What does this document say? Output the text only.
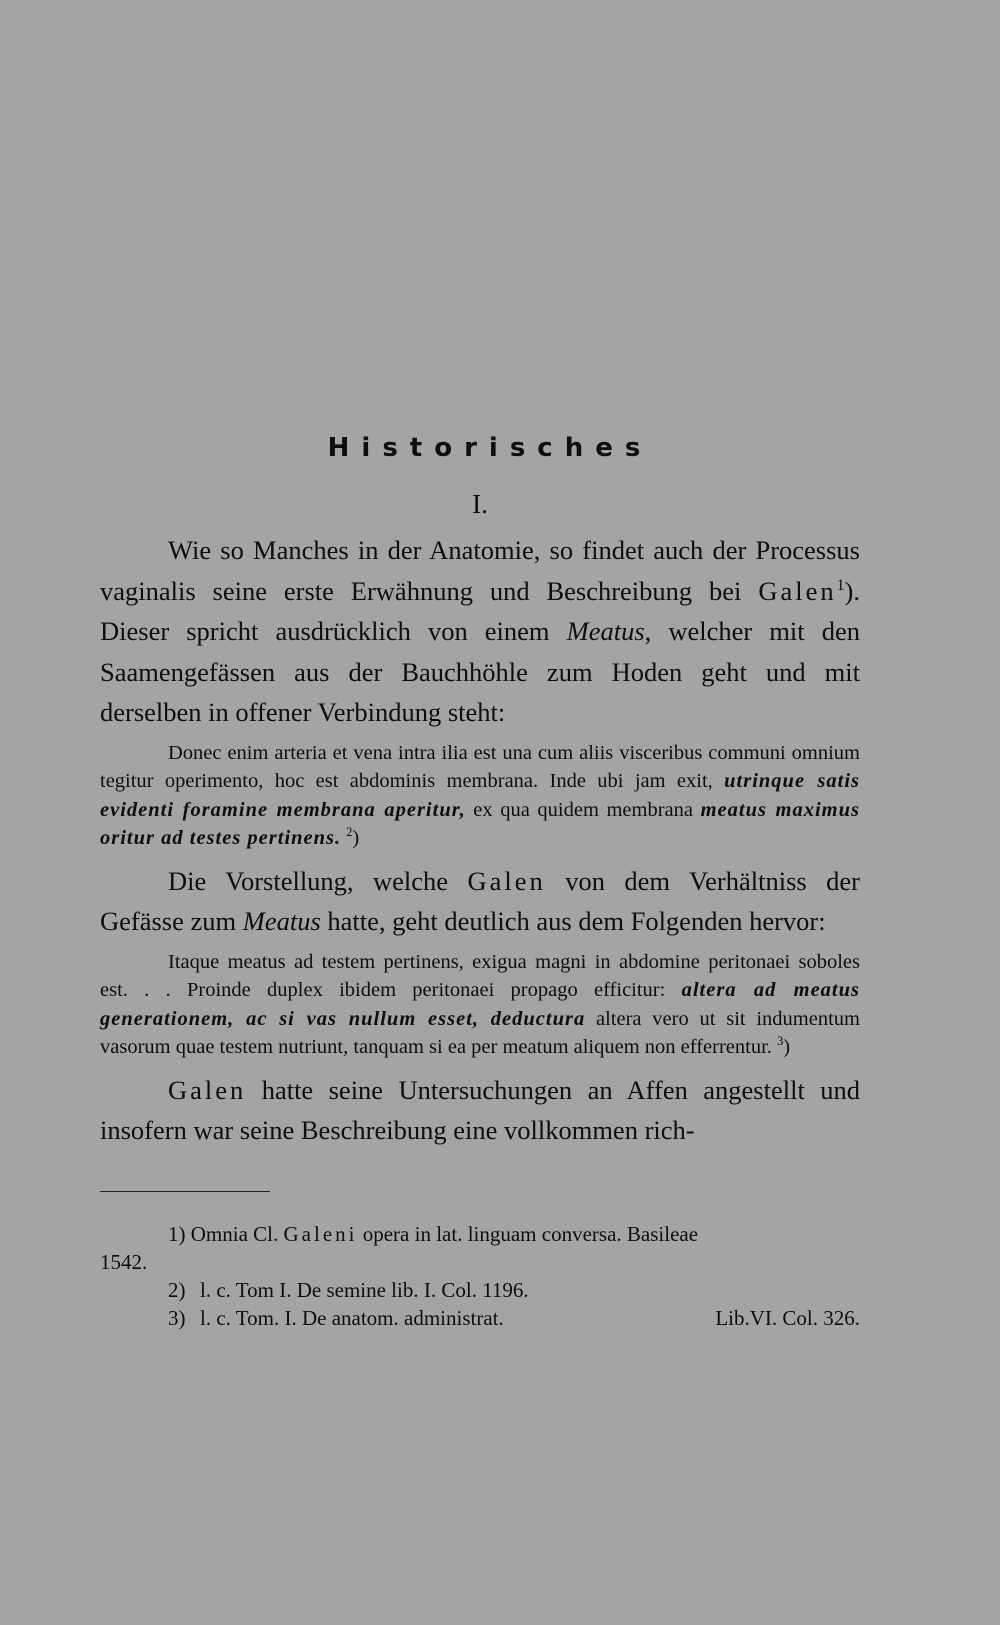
Historisches
I.

Wie so Manches in der Anatomie, so findet auch der Processus vaginalis seine erste Erwähnung und Beschreibung bei Galen$^1$). Dieser spricht ausdrücklich von einem Meatus, welcher mit den Saamengefässen aus der Bauchhöhle zum Hoden geht und mit derselben in offener Verbindung steht:

Donec enim arteria et vena intra ilia est una cum aliis visceribus communi omnium tegitur operimento, hoc est abdominis membrana. Inde ubi jam exit, utrinque satis evidenti foramine membrana aperitur, ex qua quidem membrana meatus maximus oritur ad testes pertinens. $^2$)

Die Vorstellung, welche Galen von dem Verhältniss der Gefässe zum Meatus hatte, geht deutlich aus dem Folgenden hervor:

Itaque meatus ad testem pertinens, exigua magni in abdomine peritonaei soboles est. . . Proinde duplex ibidem peritonaei propago efficitur: altera ad meatus generationem, ac si vas nullum esset, deductura altera vero ut sit indumentum vasorum quae testem nutriunt, tanquam si ea per meatum aliquem non efferrentur. $^3$)

Galen hatte seine Untersuchungen an Affen angestellt und insofern war seine Beschreibung eine vollkommen rich-

1) Omnia Cl. Galeni opera in lat. linguam conversa. Basileae

1542.

2) l. c. Tom I. De semine lib. I. Col. 1196.
3) l. c. Tom. I. De anatom. administrat.	Lib.VI. Col. 326.
